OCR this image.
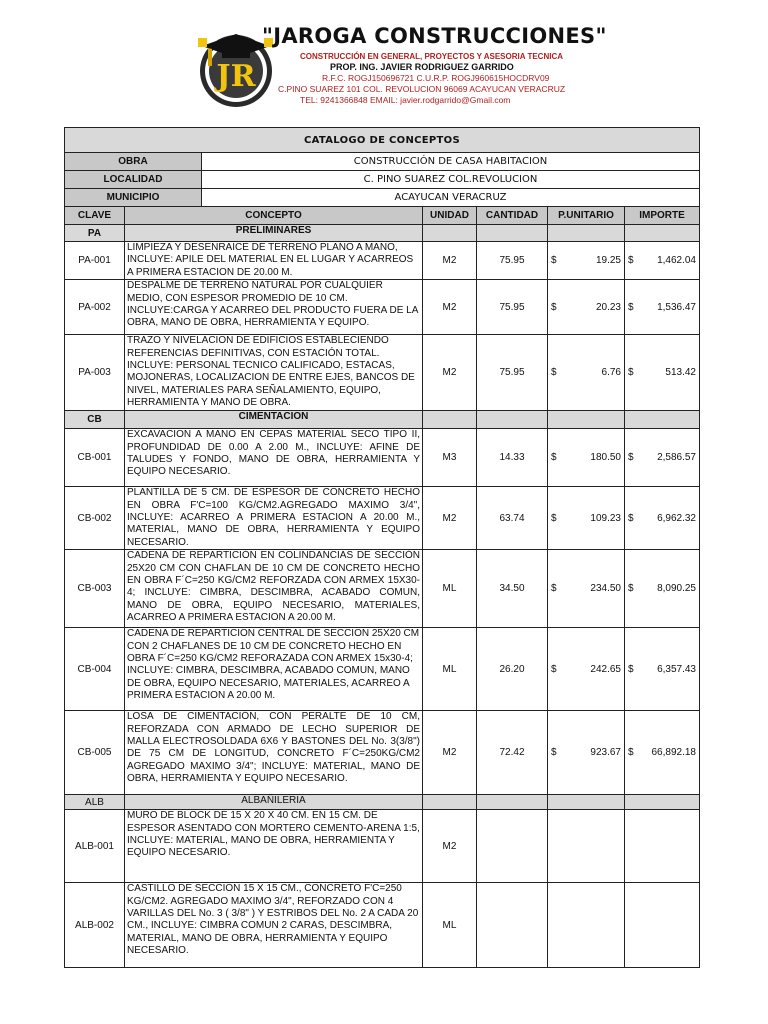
JR
"JAROGA CONSTRUCCIONES"
CONSTRUCCIÓN EN GENERAL, PROYECTOS Y ASESORIA TECNICA
PROP. ING. JAVIER RODRIGUEZ GARRIDO
R.F.C. ROGJ150696721 C.U.R.P. ROGJ960615HOCDRV09
C.PINO SUAREZ 101 COL. REVOLUCION 96069 ACAYUCAN VERACRUZ
TEL: 9241366848 EMAIL: javier.rodgarrido@Gmail.com
CATALOGO DE CONCEPTOS						
OBRA		CONSTRUCCIÓN DE CASA HABITACION				
LOCALIDAD		C. PINO SUAREZ COL.REVOLUCION				
MUNICIPIO		ACAYUCAN VERACRUZ				
CLAVE	CONCEPTO		UNIDAD	CANTIDAD	P.UNITARIO	IMPORTE
PA	PRELIMINARES					
PA-001	LIMPIEZA Y DESENRAICE DE TERRENO PLANO A MANO, INCLUYE: APILE DEL MATERIAL EN EL LUGAR Y ACARREOS A PRIMERA ESTACION DE 20.00 M.		M2	75.95	$ 19.25	$ 1,462.04

PA-002	DESPALME DE TERRENO NATURAL POR CUALQUIER MEDIO, CON ESPESOR PROMEDIO DE 10 CM. INCLUYE:CARGA Y ACARREO DEL PRODUCTO FUERA DE LA OBRA, MANO DE OBRA, HERRAMIENTA Y EQUIPO.		M2	75.95	$ 20.23	$ 1,536.47

PA-003	TRAZO Y NIVELACION DE EDIFICIOS ESTABLECIENDO REFERENCIAS DEFINITIVAS, CON ESTACIÓN TOTAL. INCLUYE: PERSONAL TECNICO CALIFICADO, ESTACAS, MOJONERAS, LOCALIZACION DE ENTRE EJES, BANCOS DE NIVEL, MATERIALES PARA SEÑALAMIENTO, EQUIPO, HERRAMIENTA Y MANO DE OBRA.		M2	75.95	$ 6.76	$ 513.42

CB	CIMENTACION					
CB-001	EXCAVACION A MANO EN CEPAS MATERIAL SECO TIPO II, PROFUNDIDAD DE 0.00 A 2.00 M., INCLUYE: AFINE DE TALUDES Y FONDO, MANO DE OBRA, HERRAMIENTA Y EQUIPO NECESARIO.		M3	14.33	$ 180.50	$ 2,586.57

CB-002	PLANTILLA DE 5 CM. DE ESPESOR DE CONCRETO HECHO EN OBRA F'C=100 KG/CM2.AGREGADO MAXIMO 3/4", INCLUYE: ACARREO A PRIMERA ESTACION A 20.00 M., MATERIAL, MANO DE OBRA, HERRAMIENTA Y EQUIPO NECESARIO.		M2	63.74	$ 109.23	$ 6,962.32

CB-003	CADENA DE REPARTICIÓN EN COLINDANCIAS DE SECCIÓN 25X20 CM CON CHAFLAN DE 10 CM DE CONCRETO HECHO EN OBRA F´C=250 KG/CM2 REFORZADA CON ARMEX 15X30-4; INCLUYE: CIMBRA, DESCIMBRA, ACABADO COMUN, MANO DE OBRA, EQUIPO NECESARIO, MATERIALES, ACARREO A PRIMERA ESTACION A 20.00 M.		ML	34.50	$ 234.50	$ 8,090.25

CB-004	CADENA DE REPARTICION CENTRAL DE SECCION 25X20 CM CON 2 CHAFLANES DE 10 CM DE CONCRETO HECHO EN OBRA F´C=250 KG/CM2 REFORAZADA CON ARMEX 15x30-4; INCLUYE: CIMBRA, DESCIMBRA, ACABADO COMUN, MANO DE OBRA, EQUIPO NECESARIO, MATERIALES, ACARREO A PRIMERA ESTACION A 20.00 M.		ML	26.20	$ 242.65	$ 6,357.43

CB-005	LOSA DE CIMENTACIÓN, CON PERALTE DE 10 CM, REFORZADA CON ARMADO DE LECHO SUPERIOR DE MALLA ELECTROSOLDADA 6X6 Y BASTONES DEL No. 3(3/8") DE 75 CM DE LONGITUD, CONCRETO F´C=250KG/CM2 AGREGADO MAXIMO 3/4"; INCLUYE: MATERIAL, MANO DE OBRA, HERRAMIENTA Y EQUIPO NECESARIO.		M2	72.42	$ 923.67	$ 66,892.18

ALB	ALBAÑILERIA					
ALB-001	MURO DE BLOCK DE 15 X 20 X 40 CM. EN 15 CM. DE ESPESOR ASENTADO CON MORTERO CEMENTO-ARENA 1:5, INCLUYE: MATERIAL, MANO DE OBRA, HERRAMIENTA Y EQUIPO NECESARIO.		M2			
ALB-002	CASTILLO DE SECCION 15 X 15 CM., CONCRETO F'C=250 KG/CM2. AGREGADO MAXIMO 3/4", REFORZADO CON 4 VARILLAS DEL No. 3 ( 3/8" ) Y ESTRIBOS DEL No. 2 A CADA 20 CM., INCLUYE: CIMBRA COMUN 2 CARAS, DESCIMBRA, MATERIAL, MANO DE OBRA, HERRAMIENTA Y EQUIPO NECESARIO.		ML			
